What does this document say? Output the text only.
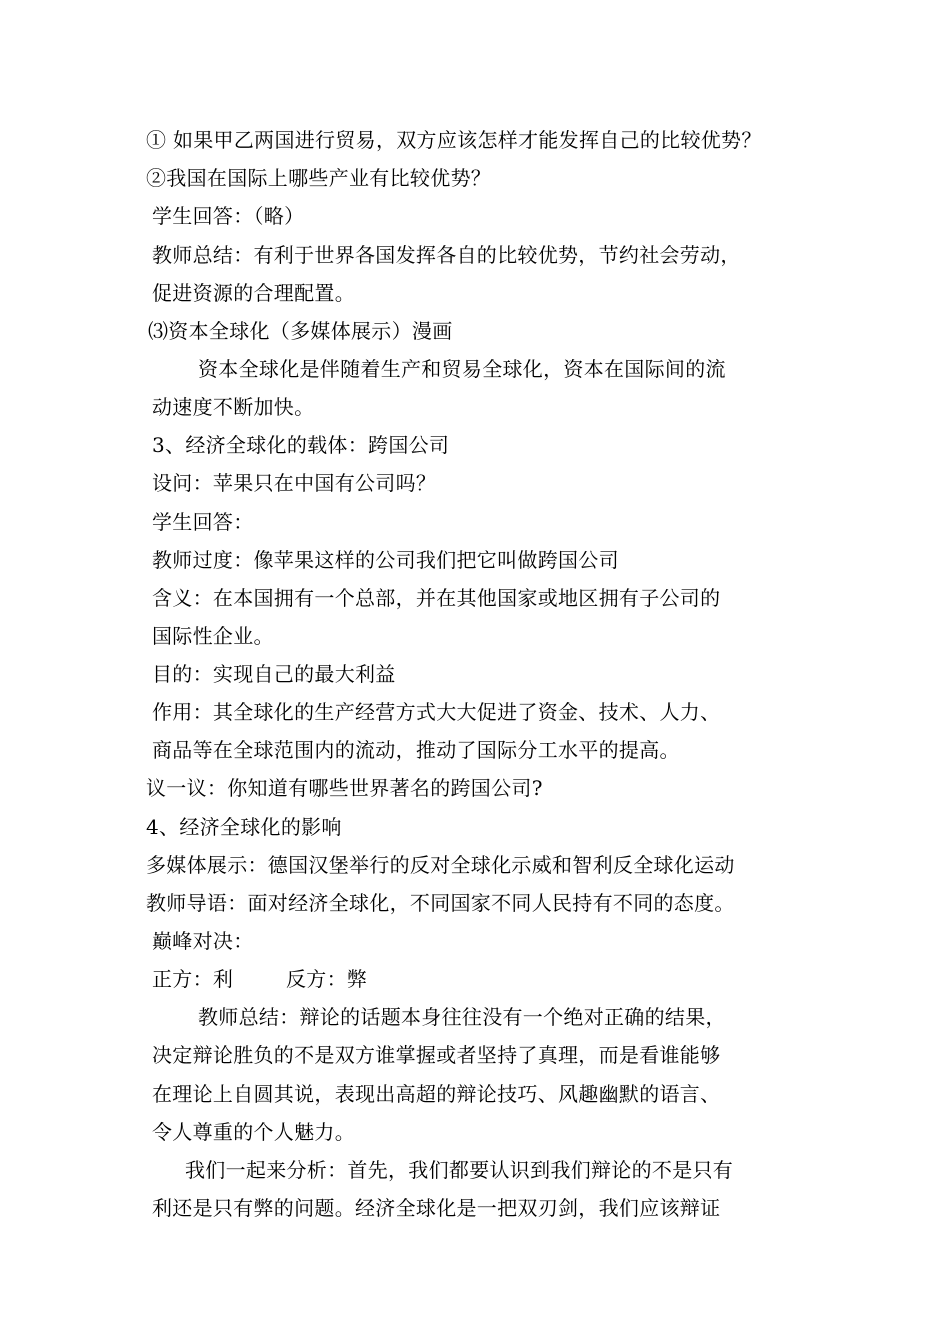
① 如果甲乙两国进行贸易，双方应该怎样才能发挥自己的比较优势？
②我国在国际上哪些产业有比较优势？
学生回答：（略）
教师总结：有利于世界各国发挥各自的比较优势，节约社会劳动，
促进资源的合理配置。
⑶资本全球化（多媒体展示）漫画
资本全球化是伴随着生产和贸易全球化，资本在国际间的流
动速度不断加快。
3、经济全球化的载体：跨国公司
设问：苹果只在中国有公司吗？
学生回答：
教师过度：像苹果这样的公司我们把它叫做跨国公司
含义：在本国拥有一个总部，并在其他国家或地区拥有子公司的
国际性企业。
目的：实现自己的最大利益
作用：其全球化的生产经营方式大大促进了资金、技术、人力、
商品等在全球范围内的流动，推动了国际分工水平的提高。
议一议：你知道有哪些世界著名的跨国公司?
4、经济全球化的影响
多媒体展示：德国汉堡举行的反对全球化示威和智利反全球化运动
教师导语：面对经济全球化，不同国家不同人民持有不同的态度。
巅峰对决：
正方：利	反方：弊
教师总结：辩论的话题本身往往没有一个绝对正确的结果，
决定辩论胜负的不是双方谁掌握或者坚持了真理，而是看谁能够
在理论上自圆其说，表现出高超的辩论技巧、风趣幽默的语言、
令人尊重的个人魅力。
我们一起来分析：首先，我们都要认识到我们辩论的不是只有
利还是只有弊的问题。经济全球化是一把双刃剑，我们应该辩证
